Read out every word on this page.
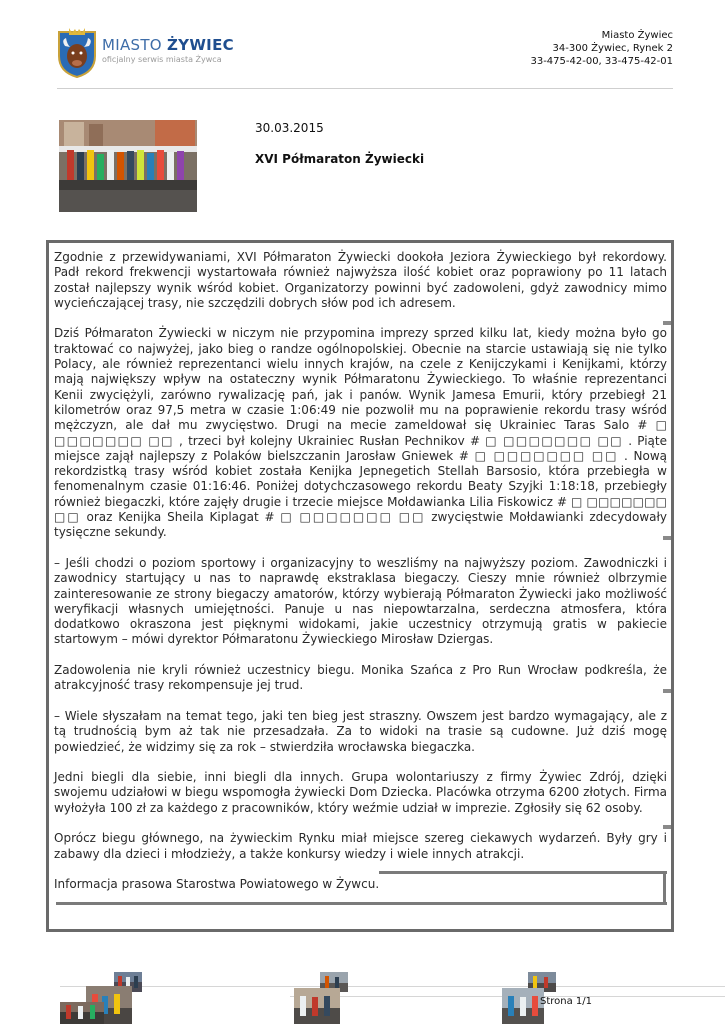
MIASTO ŻYWIEC
oficjalny serwis miasta Żywca
Miasto Żywiec
34-300 Żywiec, Rynek 2
33-475-42-00, 33-475-42-01
30.03.2015
XVI Półmaraton Żywiecki

Zgodnie z przewidywaniami, XVI Półmaraton Żywiecki dookoła Jeziora Żywieckiego był rekordowy. Padł rekord frekwencji wystartowała również najwyższa ilość kobiet oraz poprawiony po 11 latach został najlepszy wynik wśród kobiet. Organizatorzy powinni być zadowoleni, gdyż zawodnicy mimo wycieńczającej trasy, nie szczędzili dobrych słów pod ich adresem.

Dziś Półmaraton Żywiecki w niczym nie przypomina imprezy sprzed kilku lat, kiedy można było go traktować co najwyżej, jako bieg o randze ogólnopolskiej. Obecnie na starcie ustawiają się nie tylko Polacy, ale również reprezentanci wielu innych krajów, na czele z Kenijczykami i Kenijkami, którzy mają największy wpływ na ostateczny wynik Półmaratonu Żywieckiego. To właśnie reprezentanci Kenii zwyciężyli, zarówno rywalizację pań, jak i panów. Wynik Jamesa Emurii, który przebiegł 21 kilometrów oraz 97,5 metra w czasie 1:06:49 nie pozwolił mu na poprawienie rekordu trasy wśród mężczyzn, ale dał mu zwycięstwo. Drugi na mecie zameldował się Ukrainiec Taras Salo # □ □□□□□□□ □□ , trzeci był kolejny Ukrainiec Rusłan Pechnikov # □ □□□□□□□ □□ . Piąte miejsce zajął najlepszy z Polaków bielszczanin Jarosław Gniewek # □ □□□□□□□ □□ . Nową rekordzistką trasy wśród kobiet została Kenijka Jepnegetich Stellah Barsosio, która przebiegła w fenomenalnym czasie 01:16:46. Poniżej dotychczasowego rekordu Beaty Szyjki 1:18:18, przebiegły również biegaczki, które zajęły drugie i trzecie miejsce Mołdawianka Lilia Fiskowicz # □ □□□□□□□ □□ oraz Kenijka Sheila Kiplagat # □ □□□□□□□ □□ zwycięstwie Mołdawianki zdecydowały tysięczne sekundy.

– Jeśli chodzi o poziom sportowy i organizacyjny to weszliśmy na najwyższy poziom. Zawodniczki i zawodnicy startujący u nas to naprawdę ekstraklasa biegaczy. Cieszy mnie również olbrzymie zainteresowanie ze strony biegaczy amatorów, którzy wybierają Półmaraton Żywiecki jako możliwość weryfikacji własnych umiejętności. Panuje u nas niepowtarzalna, serdeczna atmosfera, która dodatkowo okraszona jest pięknymi widokami, jakie uczestnicy otrzymują gratis w pakiecie startowym – mówi dyrektor Półmaratonu Żywieckiego Mirosław Dziergas.

Zadowolenia nie kryli również uczestnicy biegu. Monika Szańca z Pro Run Wrocław podkreśla, że atrakcyjność trasy rekompensuje jej trud.

– Wiele słyszałam na temat tego, jaki ten bieg jest straszny. Owszem jest bardzo wymagający, ale z tą trudnością bym aż tak nie przesadzała. Za to widoki na trasie są cudowne. Już dziś mogę powiedzieć, że widzimy się za rok – stwierdziła wrocławska biegaczka.

Jedni biegli dla siebie, inni biegli dla innych. Grupa wolontariuszy z firmy Żywiec Zdrój, dzięki swojemu udziałowi w biegu wspomogła żywiecki Dom Dziecka. Placówka otrzyma 6200 złotych. Firma wyłożyła 100 zł za każdego z pracowników, który weźmie udział w imprezie. Zgłosiły się 62 osoby.

Oprócz biegu głównego, na żywieckim Rynku miał miejsce szereg ciekawych wydarzeń. Były gry i zabawy dla dzieci i młodzieży, a także konkursy wiedzy i wiele innych atrakcji.

Informacja prasowa Starostwa Powiatowego w Żywcu.

Strona 1/1
